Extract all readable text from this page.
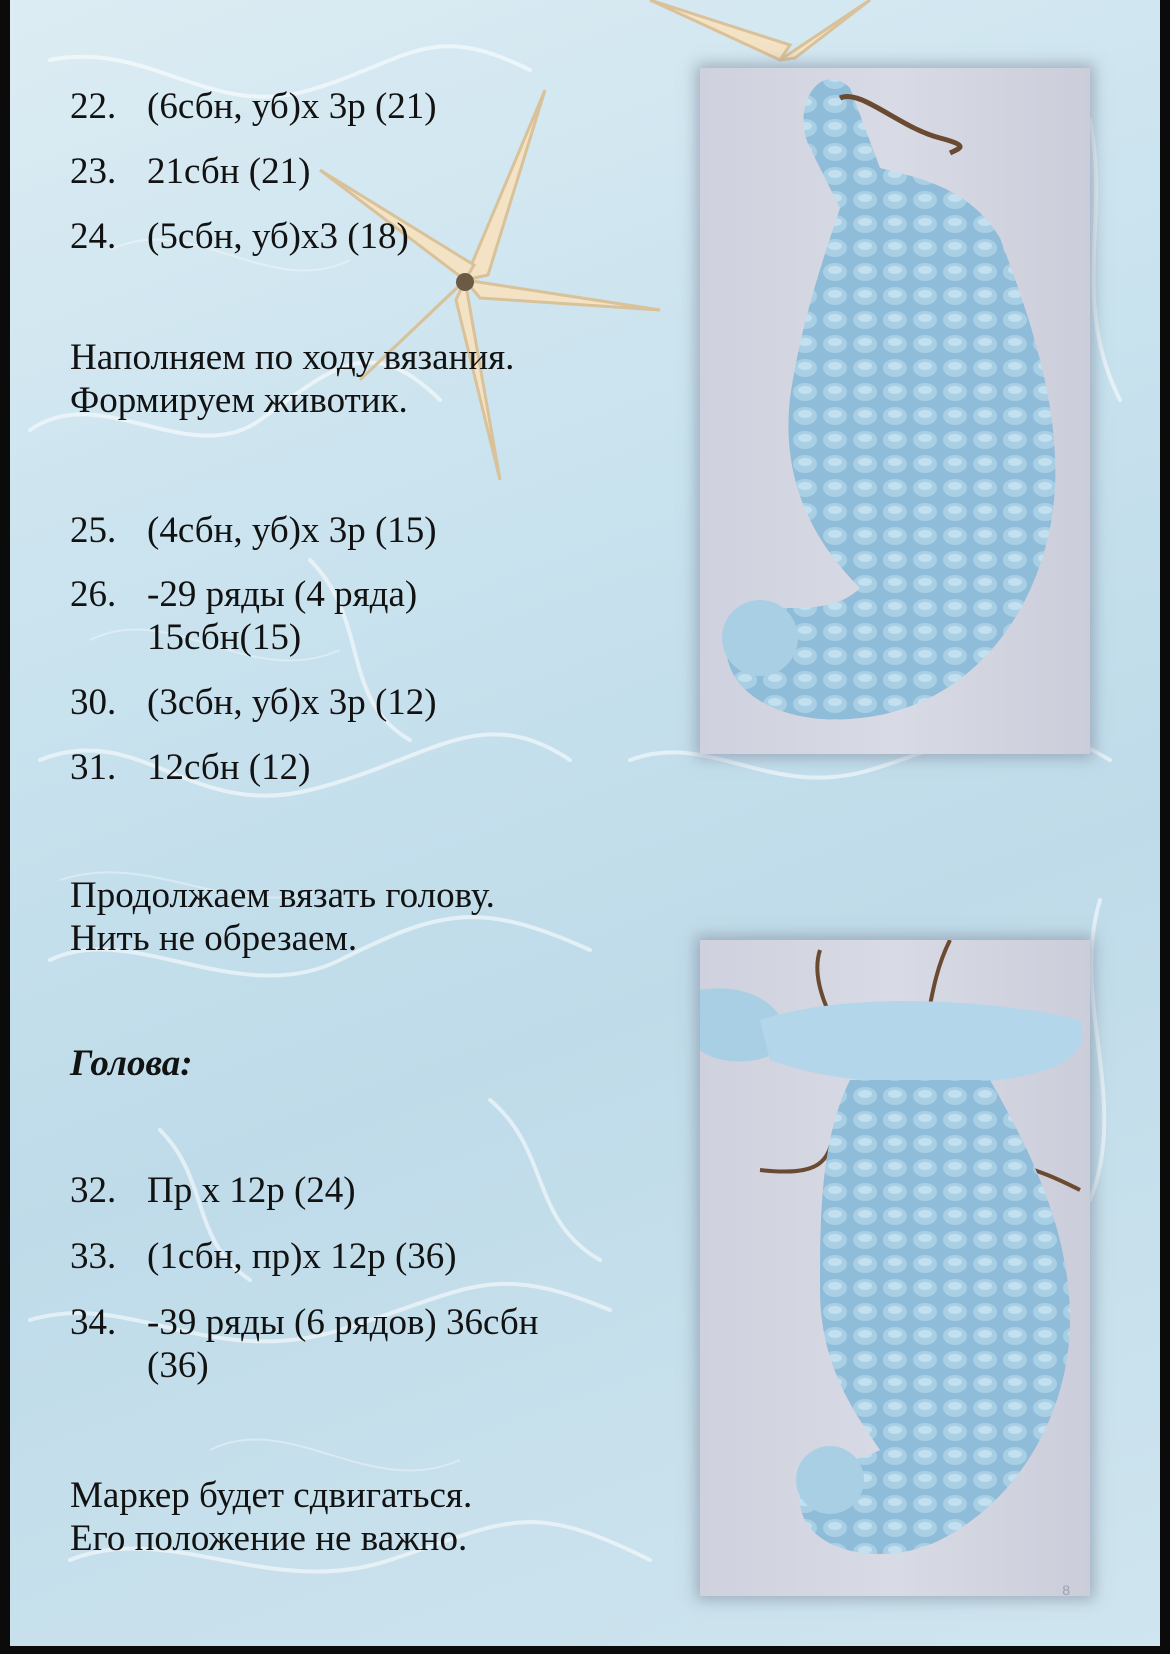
22. (6сбн, уб)х 3р (21)
23. 21сбн (21)
24. (5сбн, уб)х3 (18)
Наполняем по ходу вязания.
Формируем животик.
25. (4сбн, уб)х 3р (15)
26. -29 ряды (4 ряда)
15сбн(15)
30. (3сбн, уб)х 3р (12)
31. 12сбн (12)
Продолжаем вязать голову.
Нить не обрезаем.
Голова:
32. Пр х 12р (24)
33. (1сбн, пр)х 12р (36)
34. -39 ряды (6 рядов) 36сбн
(36)
Маркер будет сдвигаться.
Его положение не важно.
8
